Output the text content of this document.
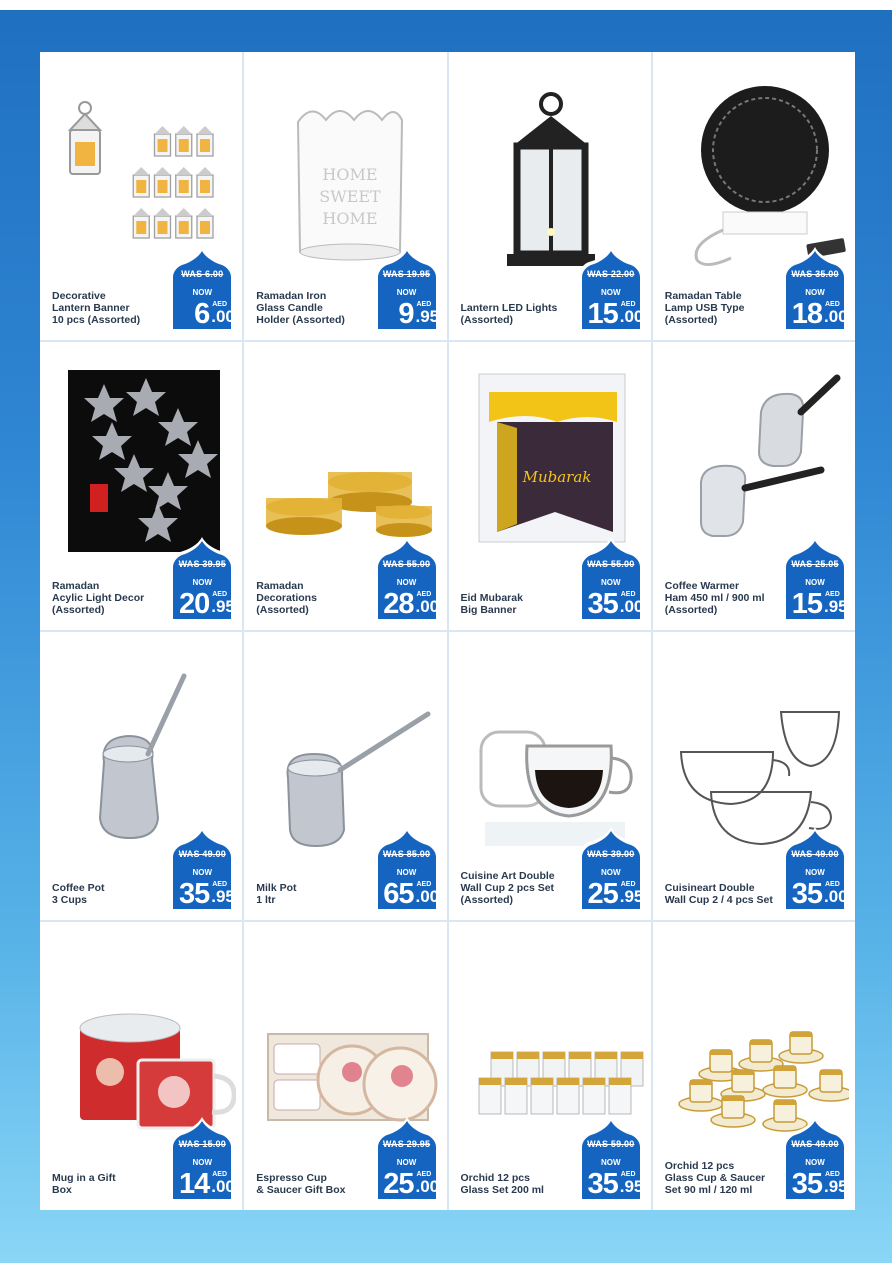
Decorative
Lantern Banner
10 pcs (Assorted)
WAS 6.00
NOW
6 AED
.00
HOME
SWEET
HOME
Ramadan Iron
Glass Candle
Holder (Assorted)
WAS 19.95
NOW
9 AED
.95 Lantern LED Lights
(Assorted)
WAS 22.00
NOW
15 AED
.00
Ramadan Table
Lamp USB Type
(Assorted)
WAS 35.00
NOW
18 AED
.00
Ramadan
Acylic Light Decor
(Assorted)
WAS 39.95
NOW
20 AED
.95
Ramadan
Decorations
(Assorted)
WAS 55.00
NOW
28 AED
.00
Mubarak
Eid Mubarak
Big Banner
WAS 55.00
NOW
35 AED
.00
Coffee Warmer
Ham 450 ml / 900 ml
(Assorted)
WAS 25.05
NOW
15 AED
.95
Coffee Pot
3 Cups
WAS 49.00
NOW
35 AED
.95 Milk Pot
1 ltr
WAS 85.00
NOW
65 AED
.00
Cuisine Art Double
Wall Cup 2 pcs Set
(Assorted)
WAS 39.00
NOW
25 AED
.95 Cuisineart Double
Wall Cup 2 / 4 pcs Set
WAS 49.00
NOW
35 AED
.00
Mug in a Gift
Box
WAS 15.00
NOW
14 AED
.00 Espresso Cup
& Saucer Gift Box
WAS 29.95
NOW
25 AED
.00 Orchid 12 pcs
Glass Set 200 ml
WAS 59.00
NOW
35 AED
.95
Orchid 12 pcs
Glass Cup & Saucer
Set 90 ml / 120 ml
WAS 49.00
NOW
35 AED
.95
